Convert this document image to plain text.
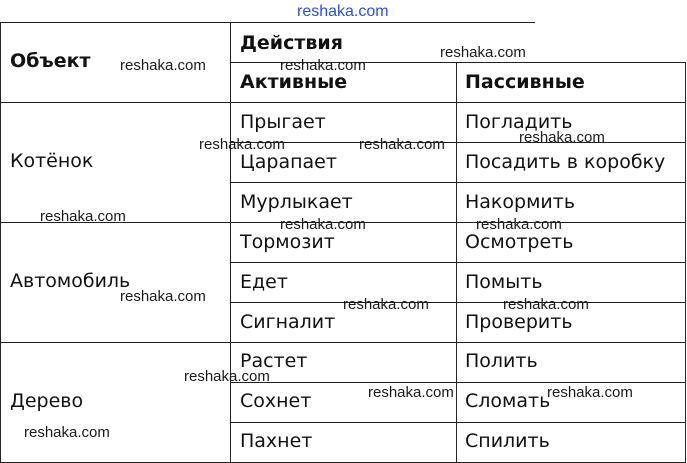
reshaka.com
Объект
Действия
Активные	Пассивные
Котёнок
Прыгает	Погладить
Царапает	Посадить в коробку
Мурлыкает	Накормить
Автомобиль
Тормозит	Осмотреть
Едет	Помыть
Сигналит	Проверить
Дерево
Растет	Полить
Сохнет	Сломать
Пахнет	Спилить
reshaka.com
reshaka.com	reshaka.com
reshaka.com
reshaka.com	reshaka.com
reshaka.com	reshaka.com	reshaka.com
reshaka.com	reshaka.com	reshaka.com
reshaka.com
reshaka.com	reshaka.com
reshaka.com
